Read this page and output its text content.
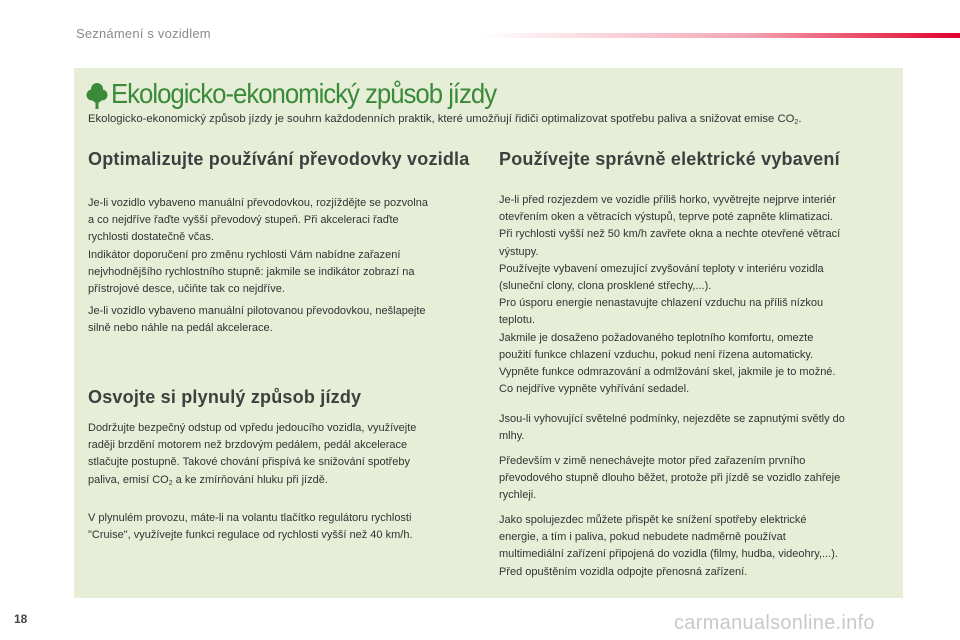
Seznámení s vozidlem
Ekologicko-ekonomický způsob jízdy
Ekologicko-ekonomický způsob jízdy je souhrn každodenních praktik, které umožňují řidiči optimalizovat spotřebu paliva a snižovat emise $CO_2$.
Optimalizujte používání převodovky vozidla

Je-li vozidlo vybaveno manuální převodovkou, rozjíždějte se pozvolna

a co nejdříve řaďte vyšší převodový stupeň. Při akceleraci řaďte

rychlosti dostatečně včas.

Indikátor doporučení pro změnu rychlosti Vám nabídne zařazení

nejvhodnějšího rychlostního stupně: jakmile se indikátor zobrazí na

přístrojové desce, učiňte tak co nejdříve.

Je-li vozidlo vybaveno manuální pilotovanou převodovkou, nešlapejte

silně nebo náhle na pedál akcelerace.

Osvojte si plynulý způsob jízdy

Dodržujte bezpečný odstup od vpředu jedoucího vozidla, využívejte

raději brzdění motorem než brzdovým pedálem, pedál akcelerace

stlačujte postupně. Takové chování přispívá ke snižování spotřeby

paliva, emisí $CO_2$ a ke zmírňování hluku při jízdě.

V plynulém provozu, máte-li na volantu tlačítko regulátoru rychlosti

"Cruise", využívejte funkci regulace od rychlosti vyšší než 40 km/h.

Používejte správně elektrické vybavení

Je-li před rozjezdem ve vozidle příliš horko, vyvětrejte nejprve interiér

otevřením oken a větracích výstupů, teprve poté zapněte klimatizaci.

Při rychlosti vyšší než 50 km/h zavřete okna a nechte otevřené větrací

výstupy.

Používejte vybavení omezující zvyšování teploty v interiéru vozidla

(sluneční clony, clona prosklené střechy,...).

Pro úsporu energie nenastavujte chlazení vzduchu na příliš nízkou

teplotu.

Jakmile je dosaženo požadovaného teplotního komfortu, omezte

použití funkce chlazení vzduchu, pokud není řízena automaticky.

Vypněte funkce odmrazování a odmlžování skel, jakmile je to možné.

Co nejdříve vypněte vyhřívání sedadel.

Jsou-li vyhovující světelné podmínky, nejezděte se zapnutými světly do

mlhy.

Především v zimě nenechávejte motor před zařazením prvního

převodového stupně dlouho běžet, protože při jízdě se vozidlo zahřeje

rychleji.

Jako spolujezdec můžete přispět ke snížení spotřeby elektrické

energie, a tím i paliva, pokud nebudete nadměrně používat

multimediální zařízení připojená do vozidla (filmy, hudba, videohry,...).

Před opuštěním vozidla odpojte přenosná zařízení.

18	carmanualsonline.info
